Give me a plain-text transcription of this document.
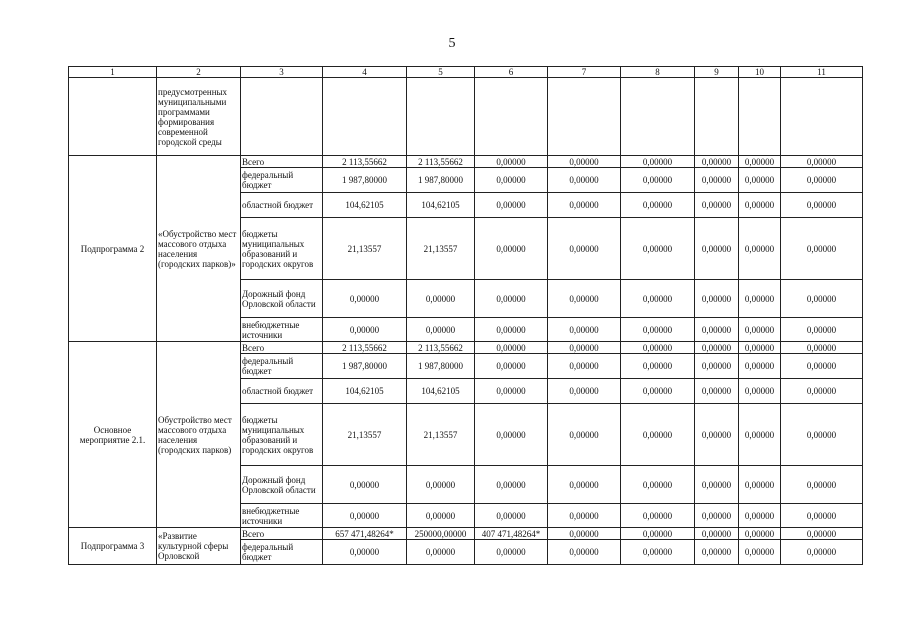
5
1	2	3	4	5	6	7	8	9	10	11
	предусмотренных муниципальными программами формирования современной городской среды									
Подпрограмма 2	«Обустройство мест массового отдыха населения (городских парков)»	Всего	2 113,55662	2 113,55662	0,00000	0,00000	0,00000	0,00000	0,00000	0,00000
		федеральный бюджет	1 987,80000	1 987,80000	0,00000	0,00000	0,00000	0,00000	0,00000	0,00000
		областной бюджет	104,62105	104,62105	0,00000	0,00000	0,00000	0,00000	0,00000	0,00000
		бюджеты муниципальных образований и городских округов	21,13557	21,13557	0,00000	0,00000	0,00000	0,00000	0,00000	0,00000
		Дорожный фонд Орловской области	0,00000	0,00000	0,00000	0,00000	0,00000	0,00000	0,00000	0,00000
		внебюджетные источники	0,00000	0,00000	0,00000	0,00000	0,00000	0,00000	0,00000	0,00000
Основное мероприятие 2.1.	Обустройство мест массового отдыха населения (городских парков)	Всего	2 113,55662	2 113,55662	0,00000	0,00000	0,00000	0,00000	0,00000	0,00000
		федеральный бюджет	1 987,80000	1 987,80000	0,00000	0,00000	0,00000	0,00000	0,00000	0,00000
		областной бюджет	104,62105	104,62105	0,00000	0,00000	0,00000	0,00000	0,00000	0,00000
		бюджеты муниципальных образований и городских округов	21,13557	21,13557	0,00000	0,00000	0,00000	0,00000	0,00000	0,00000
		Дорожный фонд Орловской области	0,00000	0,00000	0,00000	0,00000	0,00000	0,00000	0,00000	0,00000
		внебюджетные источники	0,00000	0,00000	0,00000	0,00000	0,00000	0,00000	0,00000	0,00000
Подпрограмма 3	«Развитие культурной сферы Орловской	Всего	657 471,48264*	250000,00000	407 471,48264*	0,00000	0,00000	0,00000	0,00000	0,00000
		федеральный бюджет	0,00000	0,00000	0,00000	0,00000	0,00000	0,00000	0,00000	0,00000
